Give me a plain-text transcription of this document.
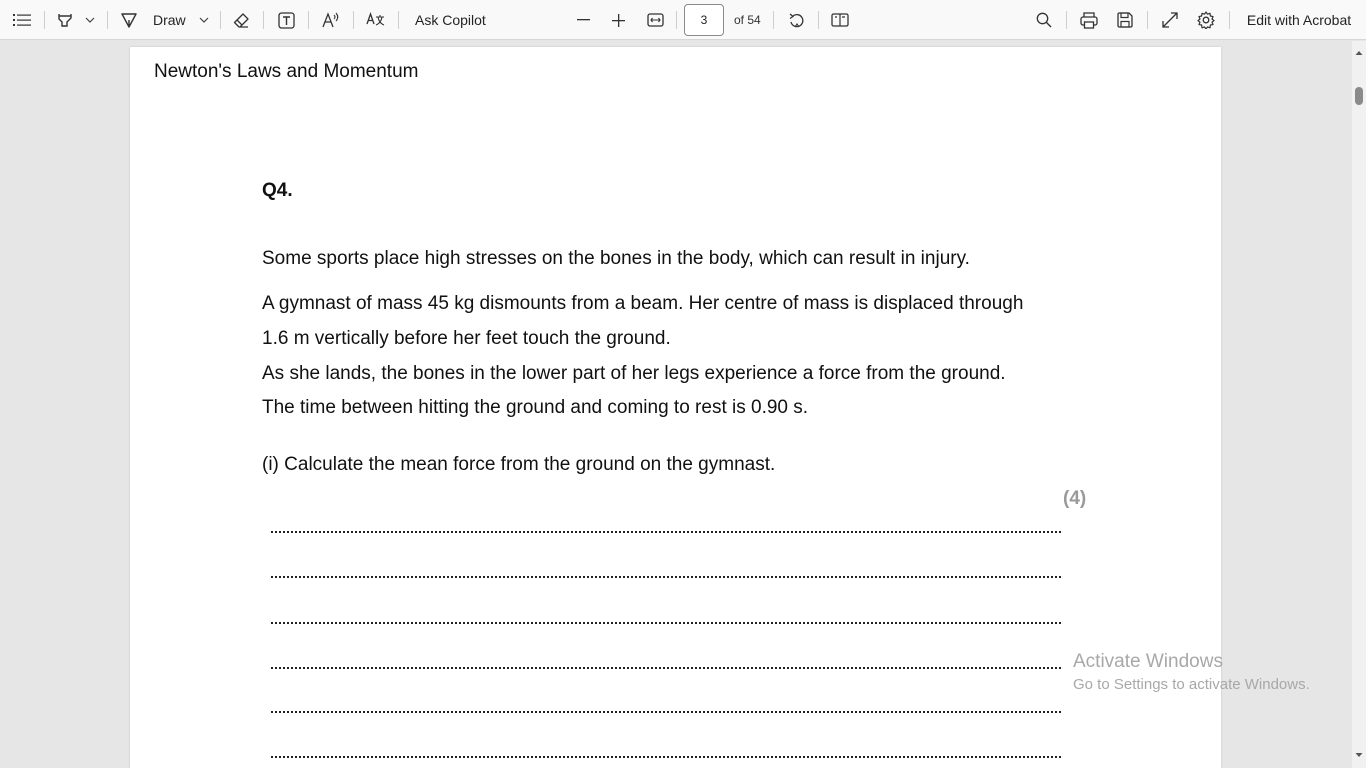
Draw	Ask Copilot	3	of 54	Edit with Acrobat
Newton's Laws and Momentum
Q4.
Some sports place high stresses on the bones in the body, which can result in injury.
A gymnast of mass 45 kg dismounts from a beam. Her centre of mass is displaced through
1.6 m vertically before her feet touch the ground.
As she lands, the bones in the lower part of her legs experience a force from the ground.
The time between hitting the ground and coming to rest is 0.90 s.
(i) Calculate the mean force from the ground on the gymnast.
(4)
Activate Windows
Go to Settings to activate Windows.
